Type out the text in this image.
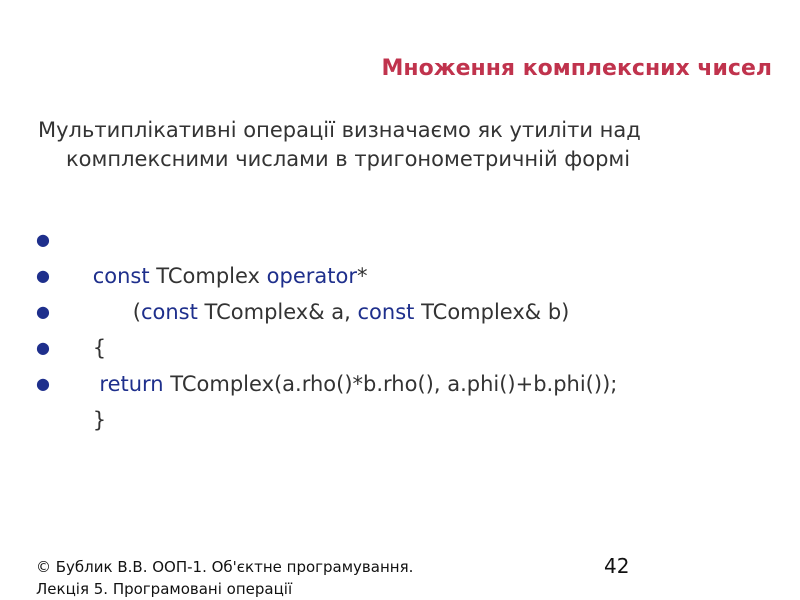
Множення комплексних чисел
Мультиплікативні операції визначаємо як утиліти над
комплексними числами в тригонометричній формі

●
const TComplex operator*

●
(const TComplex& a, const TComplex& b)

●
{

●
return TComplex(a.rho()*b.rho(), a.phi()+b.phi());

●
}

© Бублик В.В. ООП-1. Об'єктне програмування.
Лекція 5. Програмовані операції
42
